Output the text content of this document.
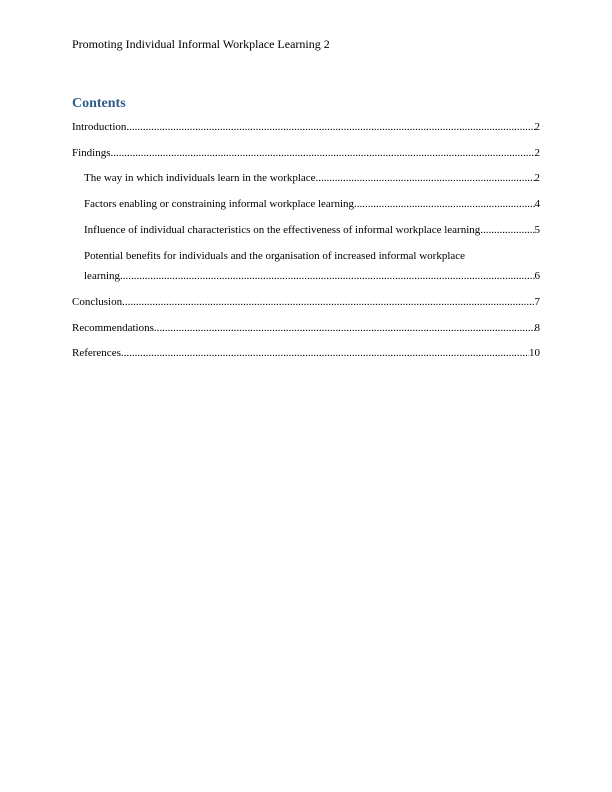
Promoting Individual Informal Workplace Learning 2
Contents
Introduction .....	2
Findings .....	2
The way in which individuals learn in the workplace .....	2
Factors enabling or constraining informal workplace learning .....	4
Influence of individual characteristics on the effectiveness of informal workplace learning .....	5
Potential benefits for individuals and the organisation of increased informal workplace
learning .....	6
Conclusion .....	7
Recommendations .....	8
References .....	10
